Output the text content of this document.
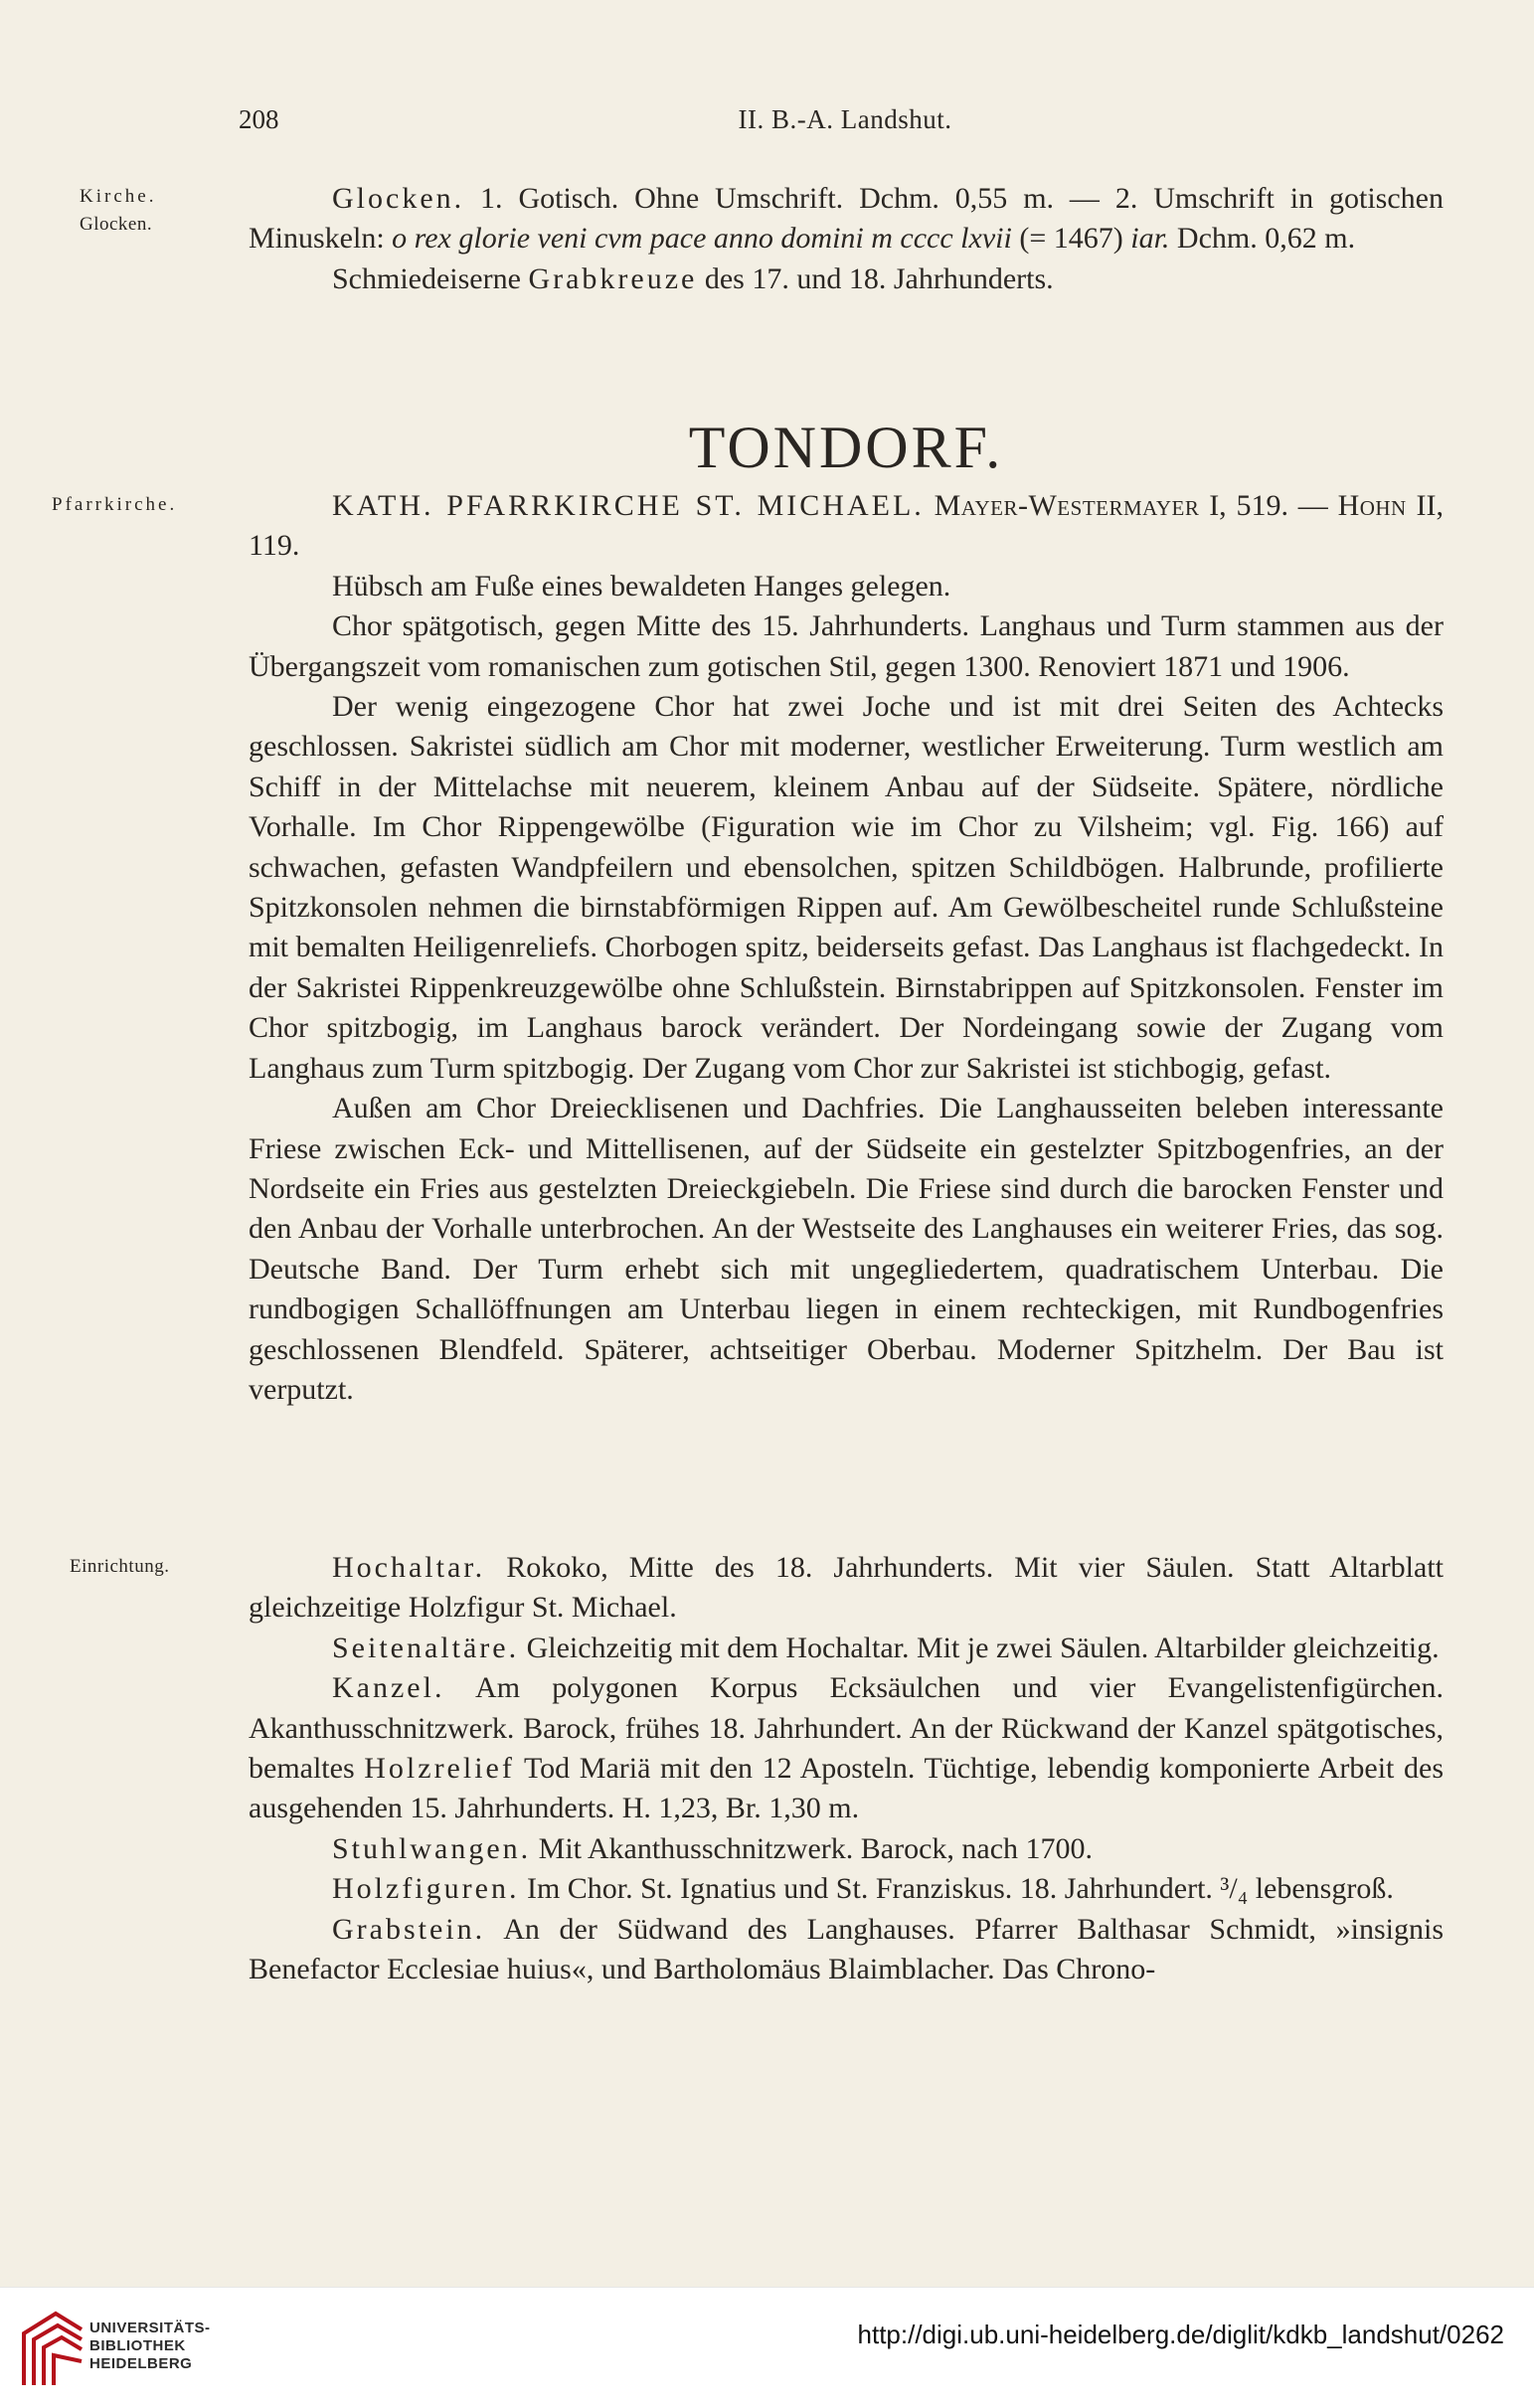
208	II. B.-A. Landshut.
Kirche.
Glocken.
Pfarrkirche.
Einrichtung.

Glocken. 1. Gotisch. Ohne Umschrift. Dchm. 0,55 m. — 2. Umschrift in gotischen Minuskeln: o rex glorie veni cvm pace anno domini m cccc lxvii (= 1467) iar. Dchm. 0,62 m.

Schmiedeiserne Grabkreuze des 17. und 18. Jahrhunderts.

TONDORF.

KATH. PFARRKIRCHE ST. MICHAEL. Mayer-Westermayer I, 519. — Hohn II, 119.

Hübsch am Fuße eines bewaldeten Hanges gelegen.

Chor spätgotisch, gegen Mitte des 15. Jahrhunderts. Langhaus und Turm stammen aus der Übergangszeit vom romanischen zum gotischen Stil, gegen 1300. Renoviert 1871 und 1906.

Der wenig eingezogene Chor hat zwei Joche und ist mit drei Seiten des Achtecks geschlossen. Sakristei südlich am Chor mit moderner, westlicher Erweiterung. Turm westlich am Schiff in der Mittelachse mit neuerem, kleinem Anbau auf der Südseite. Spätere, nördliche Vorhalle. Im Chor Rippengewölbe (Figuration wie im Chor zu Vilsheim; vgl. Fig. 166) auf schwachen, gefasten Wandpfeilern und ebensolchen, spitzen Schildbögen. Halbrunde, profilierte Spitzkonsolen nehmen die birnstabförmigen Rippen auf. Am Gewölbescheitel runde Schlußsteine mit bemalten Heiligenreliefs. Chorbogen spitz, beiderseits gefast. Das Langhaus ist flachgedeckt. In der Sakristei Rippenkreuzgewölbe ohne Schlußstein. Birnstabrippen auf Spitzkonsolen. Fenster im Chor spitzbogig, im Langhaus barock verändert. Der Nordeingang sowie der Zugang vom Langhaus zum Turm spitzbogig. Der Zugang vom Chor zur Sakristei ist stichbogig, gefast.

Außen am Chor Dreiecklisenen und Dachfries. Die Langhausseiten beleben interessante Friese zwischen Eck- und Mittellisenen, auf der Südseite ein gestelzter Spitzbogenfries, an der Nordseite ein Fries aus gestelzten Dreieckgiebeln. Die Friese sind durch die barocken Fenster und den Anbau der Vorhalle unterbrochen. An der Westseite des Langhauses ein weiterer Fries, das sog. Deutsche Band. Der Turm erhebt sich mit ungegliedertem, quadratischem Unterbau. Die rundbogigen Schallöffnungen am Unterbau liegen in einem rechteckigen, mit Rundbogenfries geschlossenen Blendfeld. Späterer, achtseitiger Oberbau. Moderner Spitzhelm. Der Bau ist verputzt.

Hochaltar. Rokoko, Mitte des 18. Jahrhunderts. Mit vier Säulen. Statt Altarblatt gleichzeitige Holzfigur St. Michael.

Seitenaltäre. Gleichzeitig mit dem Hochaltar. Mit je zwei Säulen. Altarbilder gleichzeitig.

Kanzel. Am polygonen Korpus Ecksäulchen und vier Evangelistenfigürchen. Akanthusschnitzwerk. Barock, frühes 18. Jahrhundert. An der Rückwand der Kanzel spätgotisches, bemaltes Holzrelief Tod Mariä mit den 12 Aposteln. Tüchtige, lebendig komponierte Arbeit des ausgehenden 15. Jahrhunderts. H. 1,23, Br. 1,30 m.

Stuhlwangen. Mit Akanthusschnitzwerk. Barock, nach 1700.

Holzfiguren. Im Chor. St. Ignatius und St. Franziskus. 18. Jahrhundert. ³/₄ lebensgroß.

Grabstein. An der Südwand des Langhauses. Pfarrer Balthasar Schmidt, »insignis Benefactor Ecclesiae huius«, und Bartholomäus Blaimblacher. Das Chrono-

UNIVERSITÄTS-
BIBLIOTHEK
HEIDELBERG
http://digi.ub.uni-heidelberg.de/diglit/kdkb_landshut/0262
